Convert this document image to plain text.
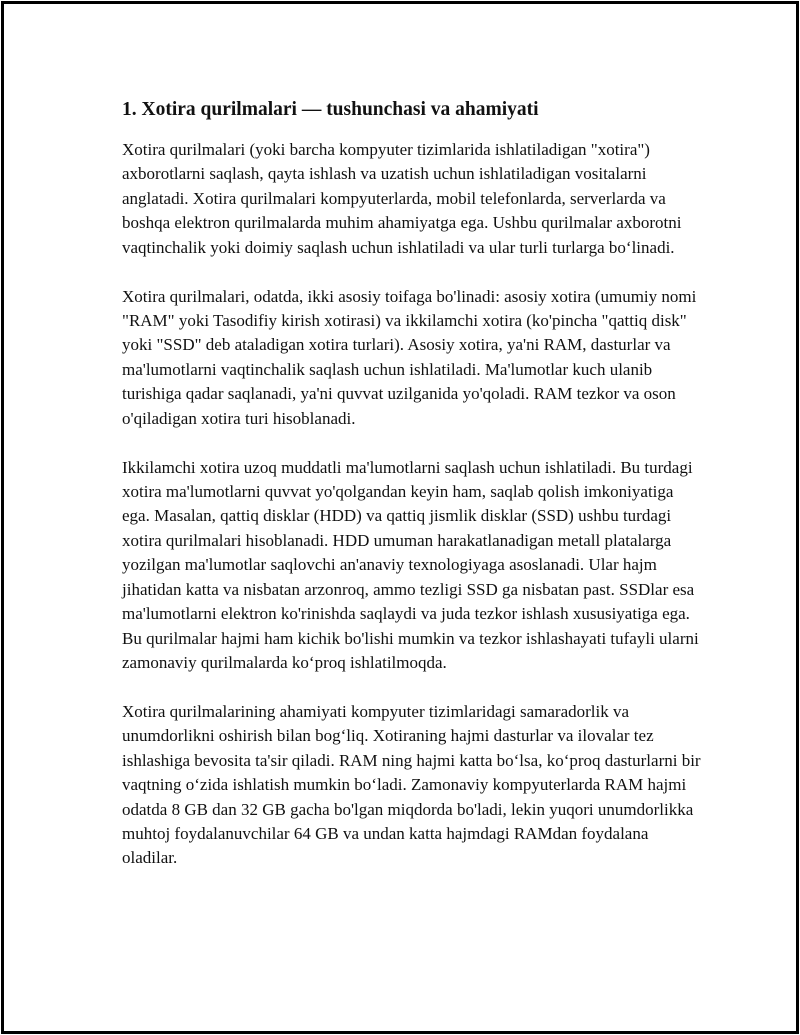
1. Xotira qurilmalari — tushunchasi va ahamiyati

Xotira qurilmalari (yoki barcha kompyuter tizimlarida ishlatiladigan "xotira") axborotlarni saqlash, qayta ishlash va uzatish uchun ishlatiladigan vositalarni anglatadi. Xotira qurilmalari kompyuterlarda, mobil telefonlarda, serverlarda va boshqa elektron qurilmalarda muhim ahamiyatga ega. Ushbu qurilmalar axborotni vaqtinchalik yoki doimiy saqlash uchun ishlatiladi va ular turli turlarga boʻlinadi.

Xotira qurilmalari, odatda, ikki asosiy toifaga bo'linadi: asosiy xotira (umumiy nomi "RAM" yoki Tasodifiy kirish xotirasi) va ikkilamchi xotira (ko'pincha "qattiq disk" yoki "SSD" deb ataladigan xotira turlari). Asosiy xotira, ya'ni RAM, dasturlar va ma'lumotlarni vaqtinchalik saqlash uchun ishlatiladi. Ma'lumotlar kuch ulanib turishiga qadar saqlanadi, ya'ni quvvat uzilganida yo'qoladi. RAM tezkor va oson o'qiladigan xotira turi hisoblanadi.

Ikkilamchi xotira uzoq muddatli ma'lumotlarni saqlash uchun ishlatiladi. Bu turdagi xotira ma'lumotlarni quvvat yo'qolgandan keyin ham, saqlab qolish imkoniyatiga ega. Masalan, qattiq disklar (HDD) va qattiq jismlik disklar (SSD) ushbu turdagi xotira qurilmalari hisoblanadi. HDD umuman harakatlanadigan metall platalarga yozilgan ma'lumotlar saqlovchi an'anaviy texnologiyaga asoslanadi. Ular hajm jihatidan katta va nisbatan arzonroq, ammo tezligi SSD ga nisbatan past. SSDlar esa ma'lumotlarni elektron ko'rinishda saqlaydi va juda tezkor ishlash xususiyatiga ega. Bu qurilmalar hajmi ham kichik bo'lishi mumkin va tezkor ishlashayati tufayli ularni zamonaviy qurilmalarda koʻproq ishlatilmoqda.

Xotira qurilmalarining ahamiyati kompyuter tizimlaridagi samaradorlik va unumdorlikni oshirish bilan bogʻliq. Xotiraning hajmi dasturlar va ilovalar tez ishlashiga bevosita ta'sir qiladi. RAM ning hajmi katta boʻlsa, koʻproq dasturlarni bir vaqtning oʻzida ishlatish mumkin boʻladi. Zamonaviy kompyuterlarda RAM hajmi odatda 8 GB dan 32 GB gacha bo'lgan miqdorda bo'ladi, lekin yuqori unumdorlikka muhtoj foydalanuvchilar 64 GB va undan katta hajmdagi RAMdan foydalana oladilar.
